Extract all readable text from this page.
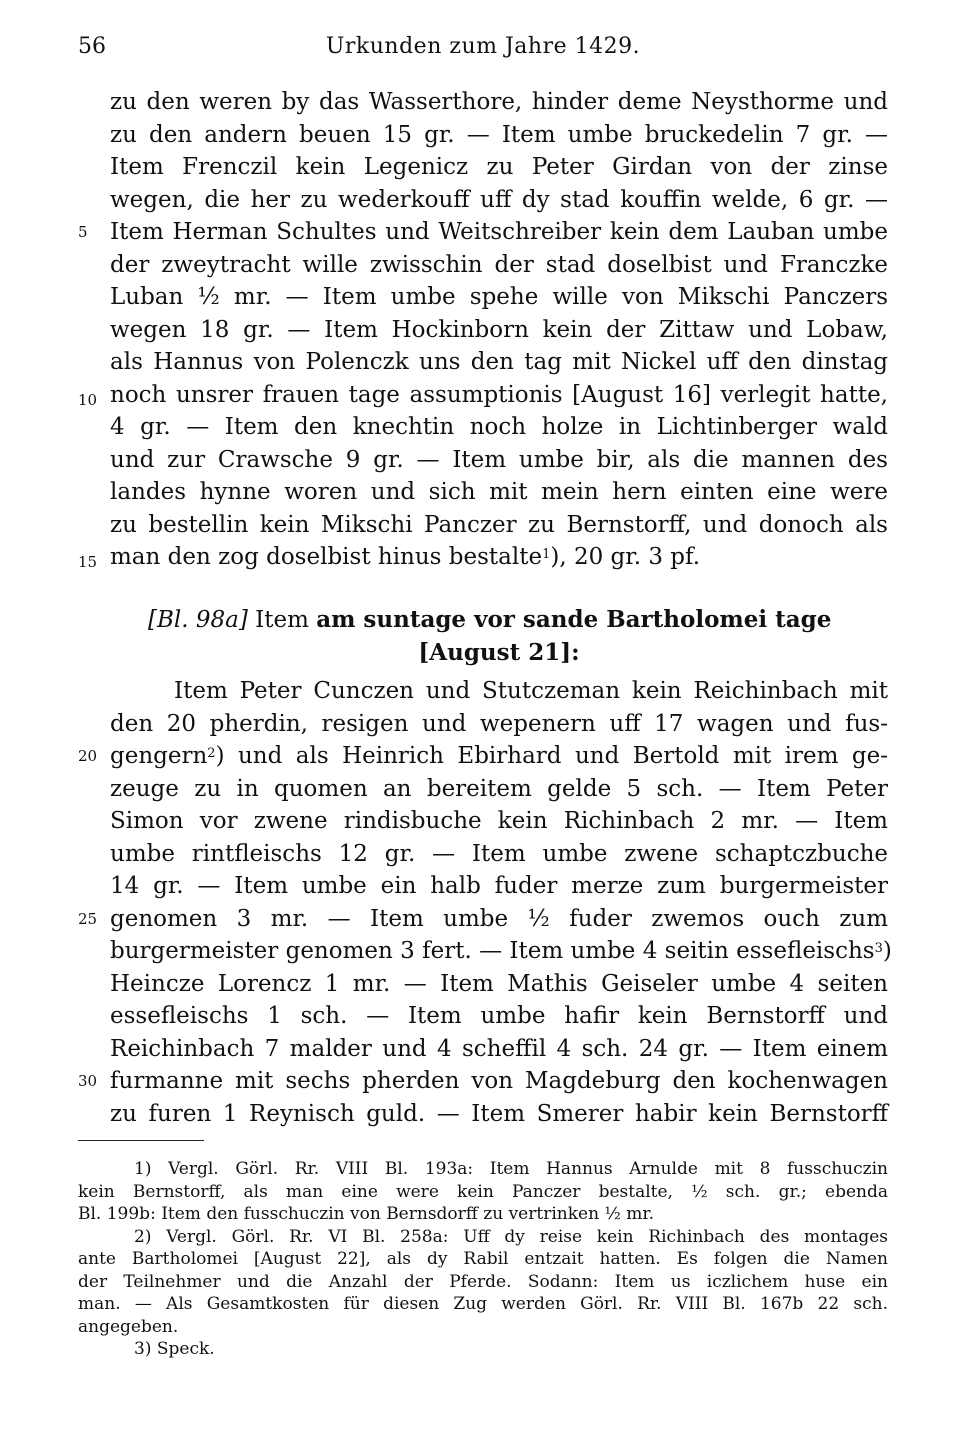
56	Urkunden zum Jahre 1429.
5
10
15
20
25
30
zu den weren by das Wasserthore, hinder deme Neysthorme und
zu den andern beuen 15 gr. — Item umbe bruckedelin 7 gr. —
Item Frenczil kein Legenicz zu Peter Girdan von der zinse
wegen, die her zu wederkouff uff dy stad kouffin welde, 6 gr. —
Item Herman Schultes und Weitschreiber kein dem Lauban umbe
der zweytracht wille zwisschin der stad doselbist und Franczke
Luban ½ mr. — Item umbe spehe wille von Mikschi Panczers
wegen 18 gr. — Item Hockinborn kein der Zittaw und Lobaw,
als Hannus von Polenczk uns den tag mit Nickel uff den dinstag
noch unsrer frauen tage assumptionis [August 16] verlegit hatte,
4 gr. — Item den knechtin noch holze in Lichtinberger wald
und zur Crawsche 9 gr. — Item umbe bir, als die mannen des
landes hynne woren und sich mit mein hern einten eine were
zu bestellin kein Mikschi Panczer zu Bernstorff, und donoch als
man den zog doselbist hinus bestalte$^1$), 20 gr. 3 pf.
[Bl. 98a] Item am suntage vor sande Bartholomei tage
[August 21]:
Item Peter Cunczen und Stutczeman kein Reichinbach mit
den 20 pherdin, resigen und wepenern uff 17 wagen und fus-
gengern$^2$) und als Heinrich Ebirhard und Bertold mit irem ge-
zeuge zu in quomen an bereitem gelde 5 sch. — Item Peter
Simon vor zwene rindisbuche kein Richinbach 2 mr. — Item
umbe rintfleischs 12 gr. — Item umbe zwene schaptczbuche
14 gr. — Item umbe ein halb fuder merze zum burgermeister
genomen 3 mr. — Item umbe ½ fuder zwemos ouch zum
burgermeister genomen 3 fert. — Item umbe 4 seitin essefleischs$^3$)
Heincze Lorencz 1 mr. — Item Mathis Geiseler umbe 4 seiten
essefleischs 1 sch. — Item umbe hafir kein Bernstorff und
Reichinbach 7 malder und 4 scheffil 4 sch. 24 gr. — Item einem
furmanne mit sechs pherden von Magdeburg den kochenwagen
zu furen 1 Reynisch guld. — Item Smerer habir kein Bernstorff
1) Vergl. Görl. Rr. VIII Bl. 193a: Item Hannus Arnulde mit 8 fusschuczin
kein Bernstorff, als man eine were kein Panczer bestalte, ½ sch. gr.; ebenda
Bl. 199b: Item den fusschuczin von Bernsdorff zu vertrinken ½ mr.
2) Vergl. Görl. Rr. VI Bl. 258a: Uff dy reise kein Richinbach des montages
ante Bartholomei [August 22], als dy Rabil entzait hatten. Es folgen die Namen
der Teilnehmer und die Anzahl der Pferde. Sodann: Item us iczlichem huse ein
man. — Als Gesamtkosten für diesen Zug werden Görl. Rr. VIII Bl. 167b 22 sch.
angegeben.
3) Speck.
